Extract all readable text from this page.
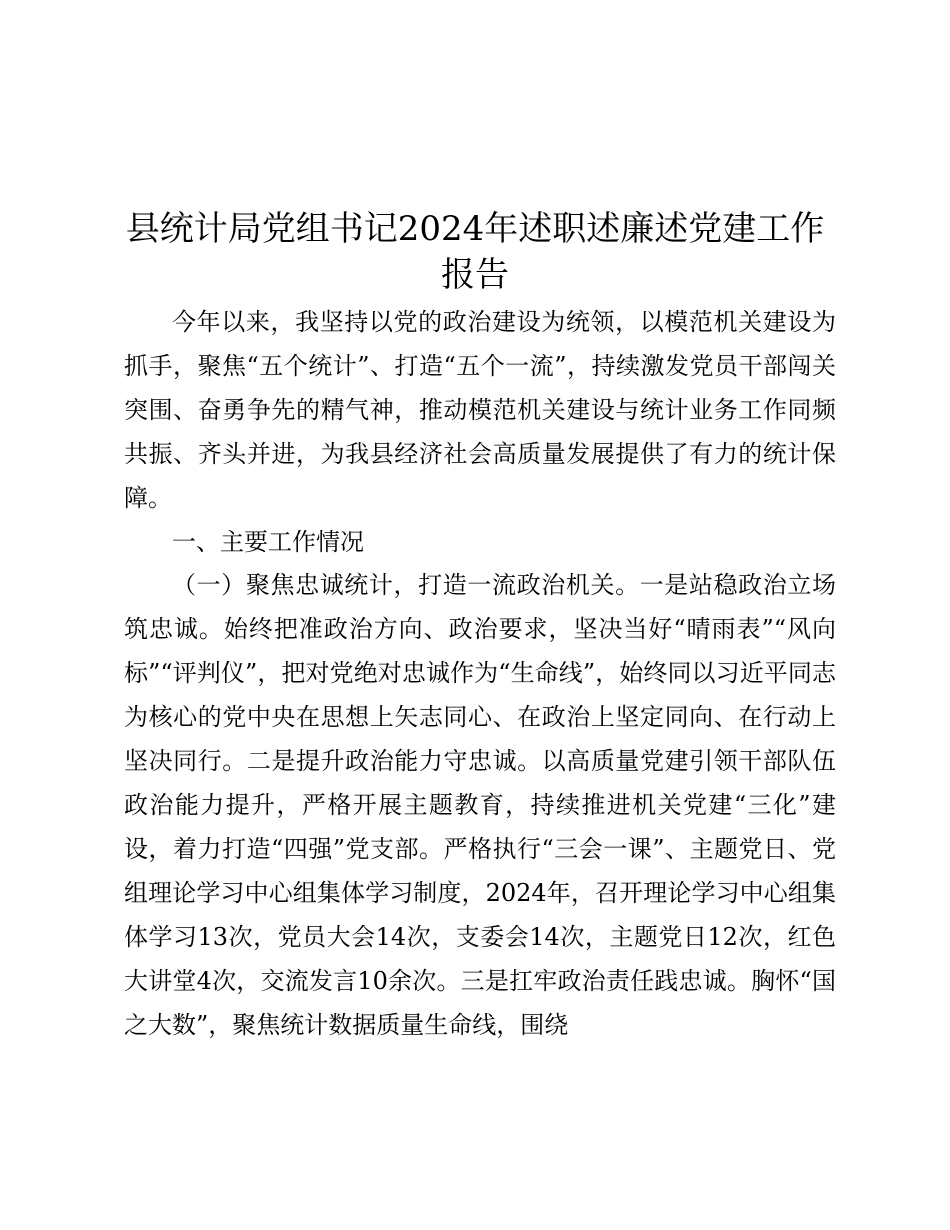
县统计局党组书记2024年述职述廉述党建工作
报告

今年以来，我坚持以党的政治建设为统领，以模范机关建设为抓手，聚焦“五个统计”、打造“五个一流”，持续激发党员干部闯关突围、奋勇争先的精气神，推动模范机关建设与统计业务工作同频共振、齐头并进，为我县经济社会高质量发展提供了有力的统计保障。

一、主要工作情况

（一）聚焦忠诚统计，打造一流政治机关。一是站稳政治立场筑忠诚。始终把准政治方向、政治要求，坚决当好“晴雨表”“风向标”“评判仪”，把对党绝对忠诚作为“生命线”，始终同以习近平同志为核心的党中央在思想上矢志同心、在政治上坚定同向、在行动上坚决同行。二是提升政治能力守忠诚。以高质量党建引领干部队伍政治能力提升，严格开展主题教育，持续推进机关党建“三化”建设，着力打造“四强”党支部。严格执行“三会一课”、主题党日、党组理论学习中心组集体学习制度，2024年，召开理论学习中心组集体学习13次，党员大会14次，支委会14次，主题党日12次，红色大讲堂4次，交流发言10余次。三是扛牢政治责任践忠诚。胸怀“国之大数”，聚焦统计数据质量生命线，围绕
